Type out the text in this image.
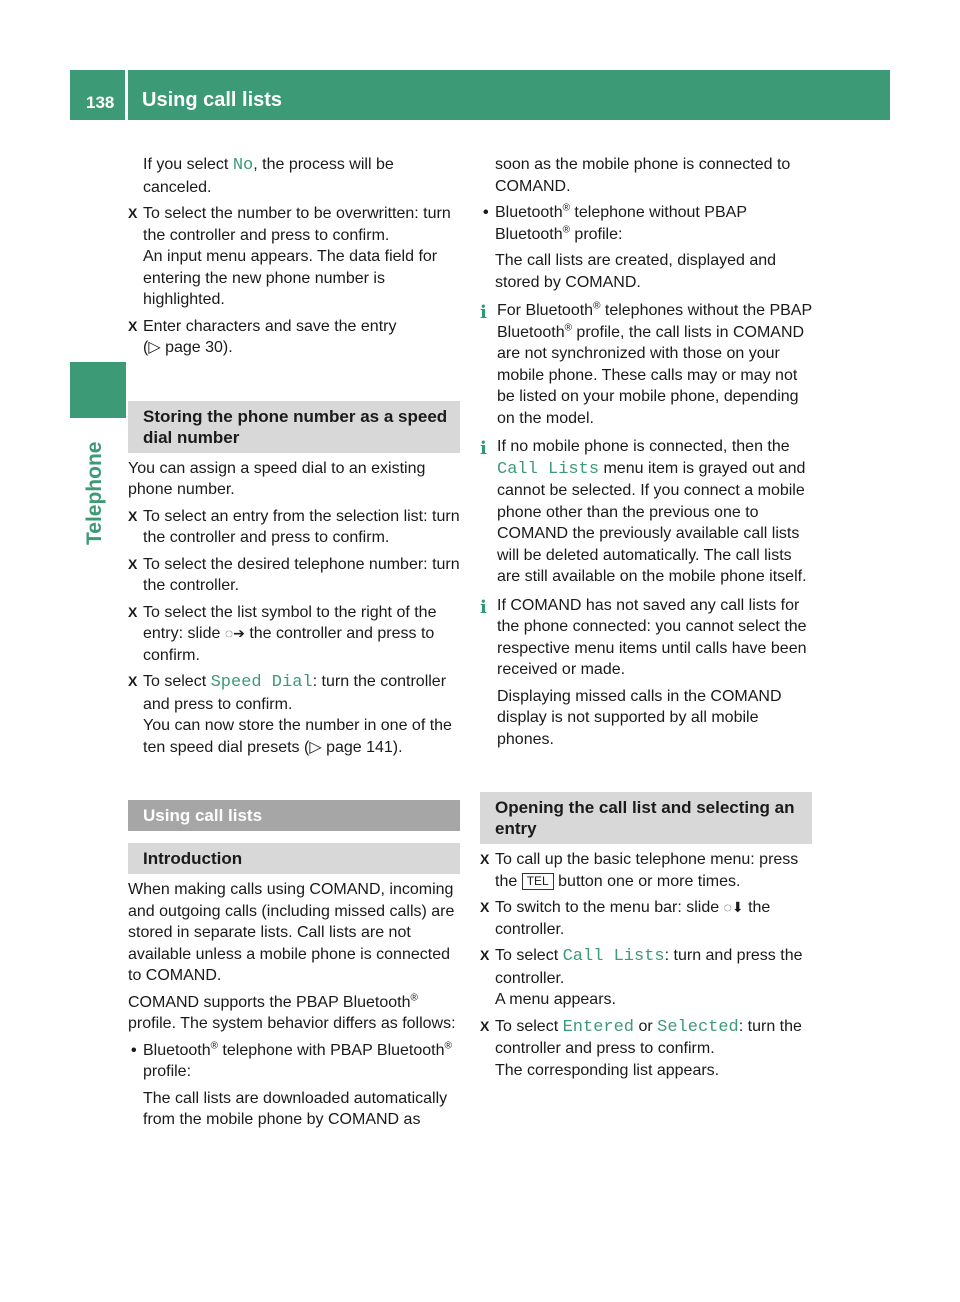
138	Using call lists
Telephone

If you select No, the process will be canceled.

X To select the number to be overwritten: turn the controller and press to confirm.

An input menu appears. The data field for entering the new phone number is highlighted.

X Enter characters and save the entry

(▷ page 30).

Storing the phone number as a speed dial number

You can assign a speed dial to an existing phone number.

X To select an entry from the selection list: turn the controller and press to confirm.

X To select the desired telephone number: turn the controller.

X To select the list symbol to the right of the entry: slide ◌➔ the controller and press to confirm.

X To select Speed Dial: turn the controller and press to confirm.

You can now store the number in one of the ten speed dial presets (▷ page 141).

Using call lists
Introduction

When making calls using COMAND, incoming and outgoing calls (including missed calls) are stored in separate lists. Call lists are not available unless a mobile phone is connected to COMAND.

COMAND supports the PBAP Bluetooth® profile. The system behavior differs as follows:

• Bluetooth® telephone with PBAP Bluetooth® profile:

The call lists are downloaded automatically from the mobile phone by COMAND as

soon as the mobile phone is connected to COMAND.

• Bluetooth® telephone without PBAP Bluetooth® profile:

The call lists are created, displayed and stored by COMAND.

i For Bluetooth® telephones without the PBAP Bluetooth® profile, the call lists in COMAND are not synchronized with those on your mobile phone. These calls may or may not be listed on your mobile phone, depending on the model.

i If no mobile phone is connected, then the Call Lists menu item is grayed out and cannot be selected. If you connect a mobile phone other than the previous one to COMAND the previously available call lists will be deleted automatically. The call lists are still available on the mobile phone itself.

i If COMAND has not saved any call lists for the phone connected: you cannot select the respective menu items until calls have been received or made.

Displaying missed calls in the COMAND display is not supported by all mobile phones.

Opening the call list and selecting an entry
X To call up the basic telephone menu: press the TEL button one or more times.

X To switch to the menu bar: slide ◌⬇ the controller.

X To select Call Lists: turn and press the controller.

A menu appears.

X To select Entered or Selected: turn the controller and press to confirm.

The corresponding list appears.
